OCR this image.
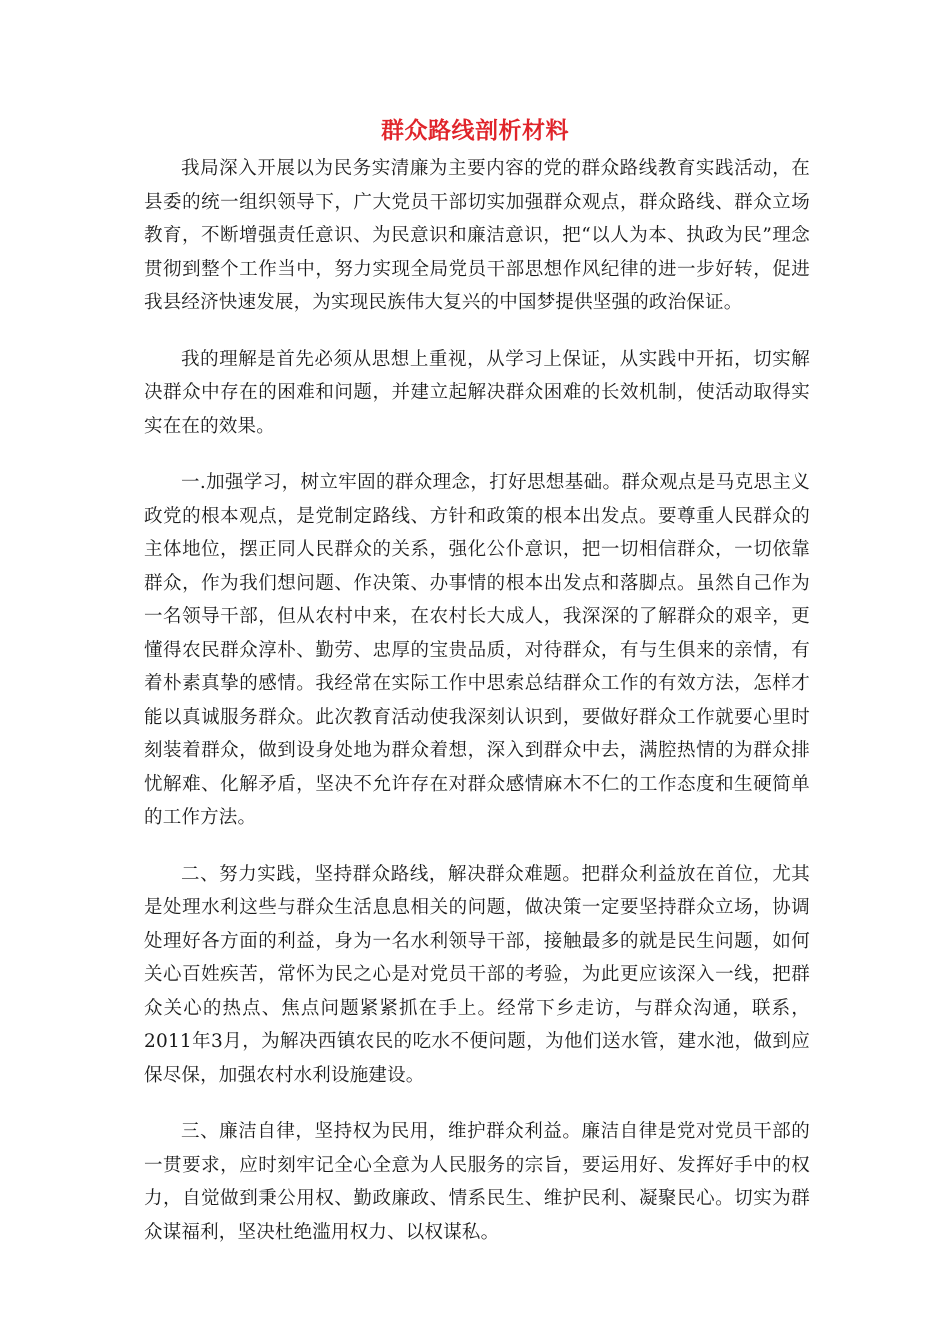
群众路线剖析材料

我局深入开展以为民务实清廉为主要内容的党的群众路线教育实践活动，在县委的统一组织领导下，广大党员干部切实加强群众观点，群众路线、群众立场教育，不断增强责任意识、为民意识和廉洁意识，把“以人为本、执政为民”理念贯彻到整个工作当中，努力实现全局党员干部思想作风纪律的进一步好转，促进我县经济快速发展，为实现民族伟大复兴的中国梦提供坚强的政治保证。

我的理解是首先必须从思想上重视，从学习上保证，从实践中开拓，切实解决群众中存在的困难和问题，并建立起解决群众困难的长效机制，使活动取得实实在在的效果。

一.加强学习，树立牢固的群众理念，打好思想基础。群众观点是马克思主义政党的根本观点，是党制定路线、方针和政策的根本出发点。要尊重人民群众的主体地位，摆正同人民群众的关系，强化公仆意识，把一切相信群众，一切依靠群众，作为我们想问题、作决策、办事情的根本出发点和落脚点。虽然自己作为一名领导干部，但从农村中来，在农村长大成人，我深深的了解群众的艰辛，更懂得农民群众淳朴、勤劳、忠厚的宝贵品质，对待群众，有与生俱来的亲情，有着朴素真挚的感情。我经常在实际工作中思索总结群众工作的有效方法，怎样才能以真诚服务群众。此次教育活动使我深刻认识到，要做好群众工作就要心里时刻装着群众，做到设身处地为群众着想，深入到群众中去，满腔热情的为群众排忧解难、化解矛盾，坚决不允许存在对群众感情麻木不仁的工作态度和生硬简单的工作方法。

二、努力实践，坚持群众路线，解决群众难题。把群众利益放在首位，尤其是处理水利这些与群众生活息息相关的问题，做决策一定要坚持群众立场，协调处理好各方面的利益，身为一名水利领导干部，接触最多的就是民生问题，如何关心百姓疾苦，常怀为民之心是对党员干部的考验，为此更应该深入一线，把群众关心的热点、焦点问题紧紧抓在手上。经常下乡走访，与群众沟通，联系，2011年3月，为解决西镇农民的吃水不便问题，为他们送水管，建水池，做到应保尽保，加强农村水利设施建设。

三、廉洁自律，坚持权为民用，维护群众利益。廉洁自律是党对党员干部的一贯要求，应时刻牢记全心全意为人民服务的宗旨，要运用好、发挥好手中的权力，自觉做到秉公用权、勤政廉政、情系民生、维护民利、凝聚民心。切实为群众谋福利，坚决杜绝滥用权力、以权谋私。
